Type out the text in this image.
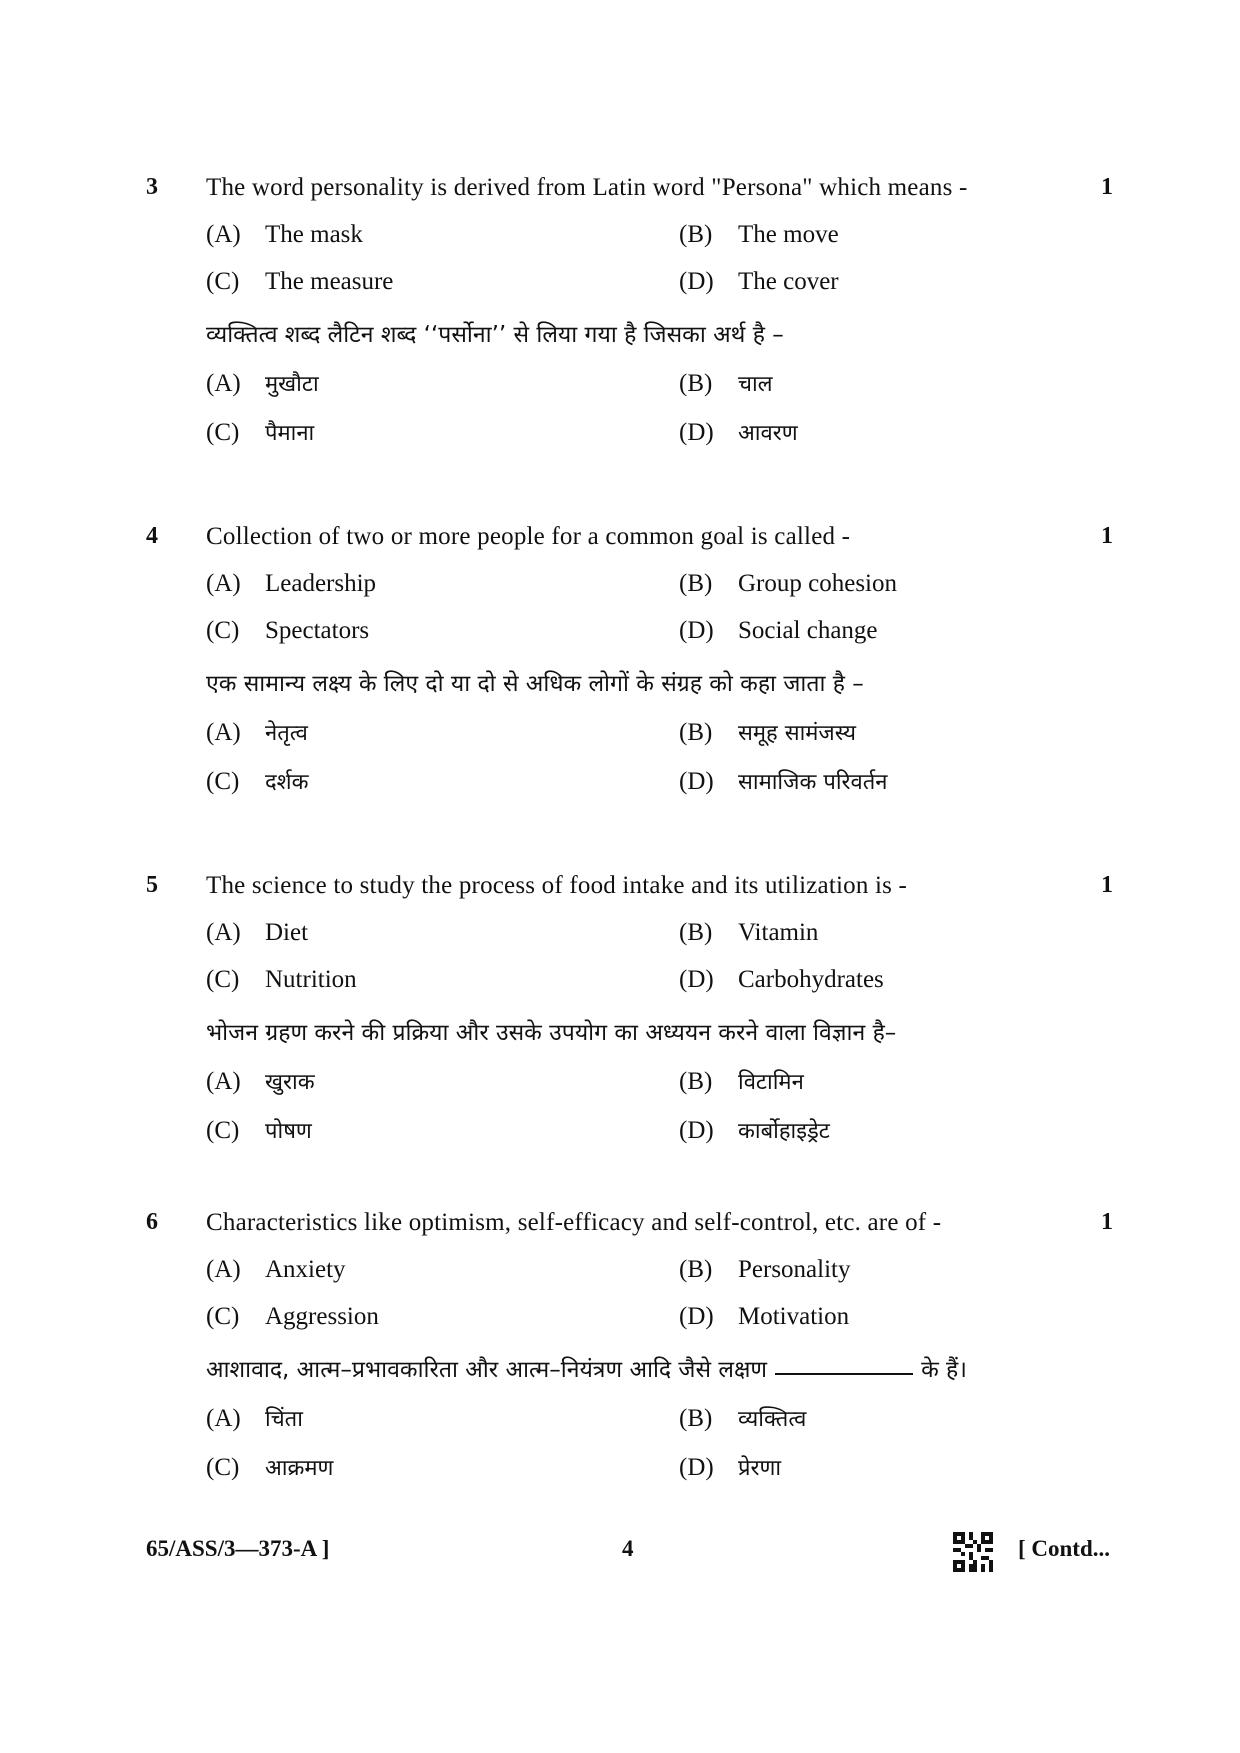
3 The word personality is derived from Latin word "Persona" which means -	1
(A) The mask	(B) The move
(C) The measure	(D) The cover
व्यक्तित्व शब्द लैटिन शब्द ‘‘पर्सोना’’ से लिया गया है जिसका अर्थ है –
(A) मुखौटा	(B) चाल
(C) पैमाना	(D) आवरण
4 Collection of two or more people for a common goal is called -	1
(A) Leadership	(B) Group cohesion
(C) Spectators	(D) Social change
एक सामान्य लक्ष्य के लिए दो या दो से अधिक लोगों के संग्रह को कहा जाता है –
(A) नेतृत्व	(B) समूह सामंजस्य
(C) दर्शक	(D) सामाजिक परिवर्तन
5 The science to study the process of food intake and its utilization is -	1
(A) Diet	(B) Vitamin
(C) Nutrition	(D) Carbohydrates
भोजन ग्रहण करने की प्रक्रिया और उसके उपयोग का अध्ययन करने वाला विज्ञान है–
(A) खुराक	(B) विटामिन
(C) पोषण	(D) कार्बोहाइड्रेट
6 Characteristics like optimism, self-efficacy and self-control, etc. are of -	1
(A) Anxiety	(B) Personality
(C) Aggression	(D) Motivation
आशावाद, आत्म–प्रभावकारिता और आत्म–नियंत्रण आदि जैसे लक्षण	के हैं।
(A) चिंता	(B) व्यक्तित्व
(C) आक्रमण	(D) प्रेरणा
65/ASS/3—373-A ]	4	[ Contd...
